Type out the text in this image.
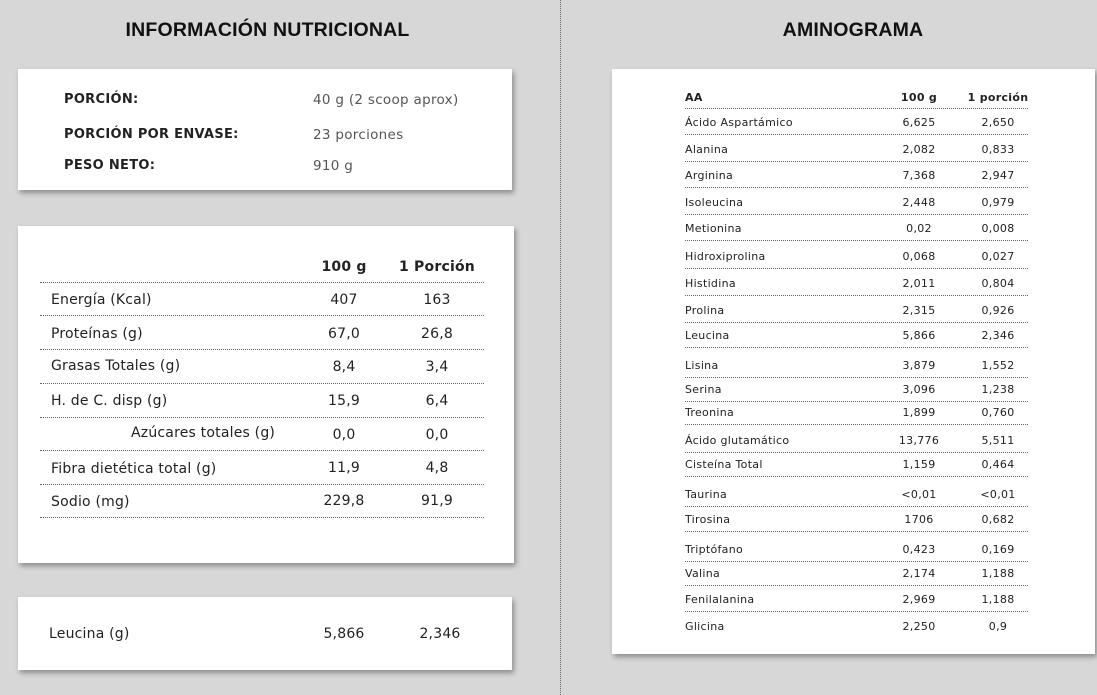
INFORMACIÓN NUTRICIONAL	AMINOGRAMA
PORCIÓN:	40 g (2 scoop aprox)
PORCIÓN POR ENVASE:	23 porciones
PESO NETO:	910 g
100 g	1 Porción
Energía (Kcal)	407	163
Proteínas (g)	67,0	26,8
Grasas Totales (g)	8,4	3,4
H. de C. disp (g)	15,9	6,4
Azúcares totales (g)	0,0	0,0
Fibra dietética total (g)	11,9	4,8
Sodio (mg)	229,8	91,9
Leucina (g)	5,866	2,346
AA	100 g	1 porción
Ácido Aspartámico	6,625	2,650
Alanina	2,082	0,833
Arginina	7,368	2,947
Isoleucina	2,448	0,979
Metionina	0,02	0,008
Hidroxiprolina	0,068	0,027
Histidina	2,011	0,804
Prolina	2,315	0,926
Leucina	5,866	2,346
Lisina	3,879	1,552
Serina	3,096	1,238
Treonina	1,899	0,760
Ácido glutamático	13,776	5,511
Cisteína Total	1,159	0,464
Taurina	<0,01	<0,01
Tirosina	1706	0,682
Triptófano	0,423	0,169
Valina	2,174	1,188
Fenilalanina	2,969	1,188
Glicina	2,250	0,9
